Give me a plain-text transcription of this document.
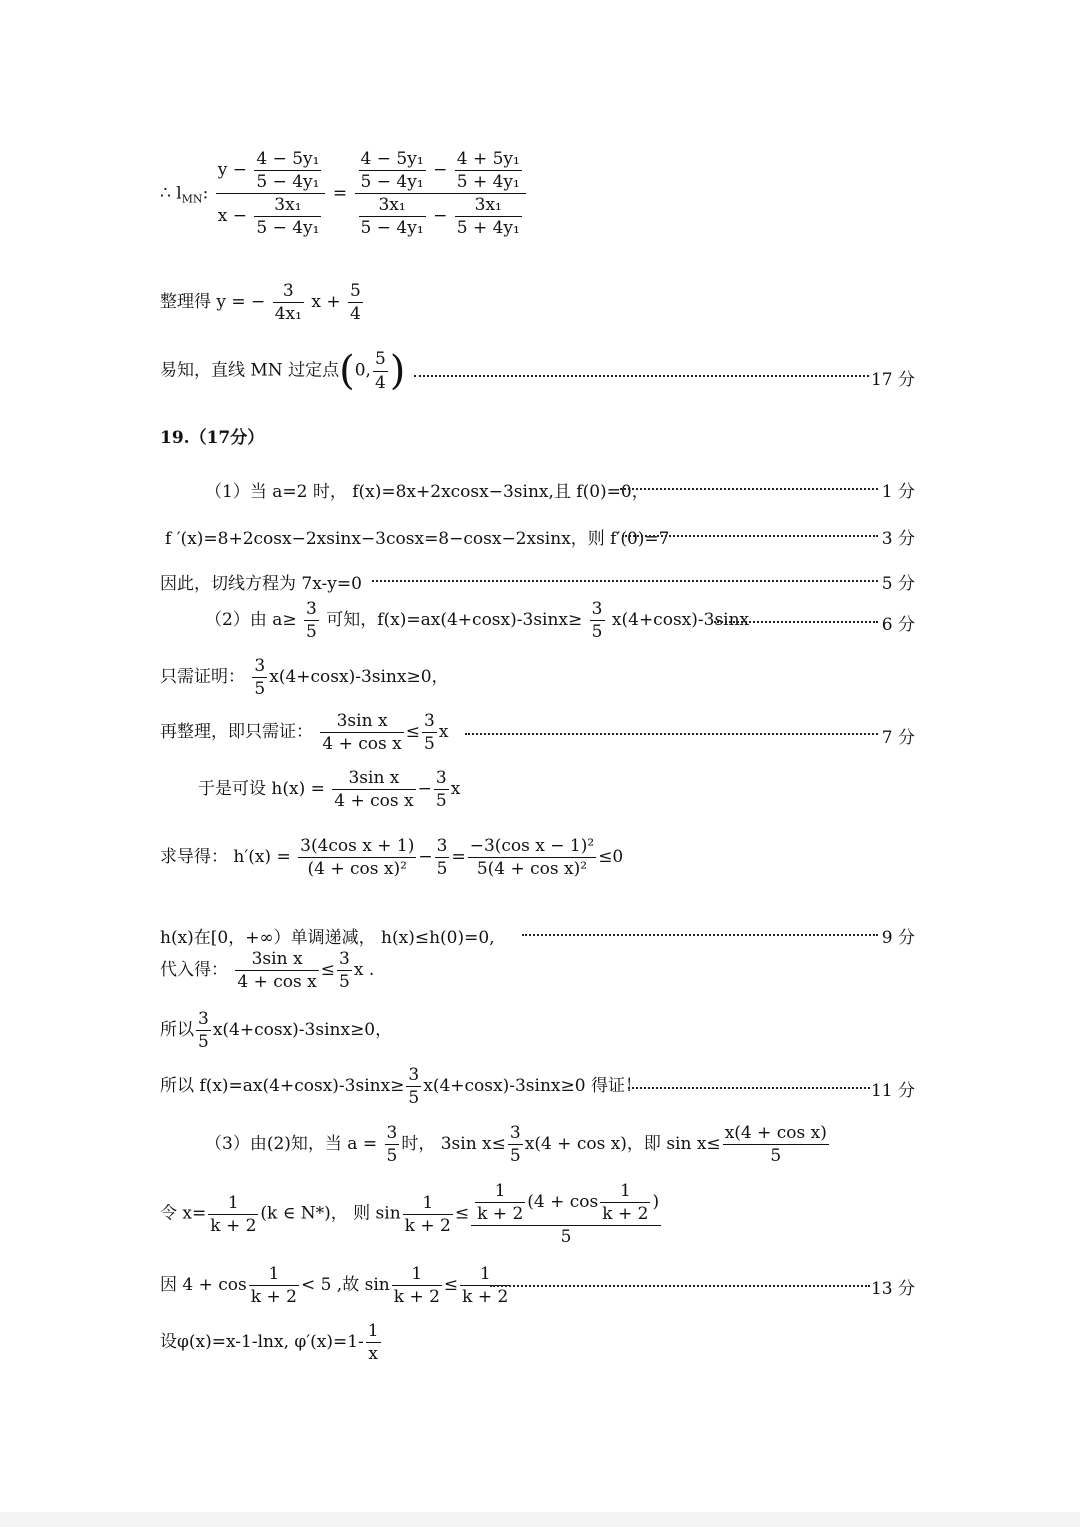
∴ $l_{MN}$: $\frac{y - \frac{\text{4 − 5y₁}}{\text{5 − 4y₁}}}{x - \frac{\text{3x₁}}{\text{5 − 4y₁}}} = \frac{\frac{\text{4 − 5y₁}}{\text{5 − 4y₁}} - \frac{\text{4 + 5y₁}}{\text{5 + 4y₁}}}{\frac{\text{3x₁}}{\text{5 − 4y₁}} - \frac{\text{3x₁}}{\text{5 + 4y₁}}}$
整理得 y = − $\frac{3}{\text{4x₁}}$ $x + \frac{5}{4}$
易知，直线 MN 过定点(0, $\frac{5}{4}$ )	17 分
19.（17分）
（1）当 a=2 时， f(x)=8x+2xcosx−3sinx,且 f(0)=0，	1 分
f ′(x)=8+2cosx−2xsinx−3cosx=8−cosx−2xsinx，则 f′(0)=7	3 分
因此，切线方程为 7x-y=0	5 分
（2）由 $a\ge \frac{3}{5}$ 可知，$f(x)=ax(4+\cos x)-3\sin x\ge \frac{3}{5} x(4+\cos x)-3\sin x$	6 分
只需证明： $\frac{3}{5} x(4+\cos x)-3\sin x\ge 0$，
再整理，即只需证： $\frac{\text{3sin x}}{\text{4 + cos x}} \le \frac{3}{5}$ x	7 分
于是可设 $h(x) = \frac{\text{3sin x}}{\text{4 + cos x}} - \frac{3}{5}$ x
求导得： $h'(x) = \frac{\text{3(4cos x + 1)}}{\text{(4 + cos x)²}} - \frac{3}{5} = \frac{\text{−3(cos x − 1)²}}{\text{5(4 + cos x)²}} \le 0$
h(x)在[0，+∞）单调递减， h(x)≤h(0)=0,	9 分
代入得： $\frac{\text{3sin x}}{\text{4 + cos x}} \le \frac{3}{5}$ x .
所以 $\frac{3}{5} x(4+\cos x)-3\sin x\ge 0$，
所以 $f(x)=ax(4+\cos x)-3\sin x\ge \frac{3}{5} x(4+\cos x)-3\sin x\ge 0$ 得证！	11 分
（3）由(2)知，当 $a = \frac{3}{5}$ 时， 3sin $x\le \frac{3}{5} x(4 + \cos x)$，即 $\sin x\le \frac{\text{x(4 + cos x)}}{5}$
令 $x= \frac{1}{k + 2} (k$ ∈ N*)， 则 $\sin \frac{1}{k + 2} \le \frac{\frac{1}{k + 2} (4 + \cos \frac{1}{k + 2} )}{5}$
因 $4 + \cos \frac{1}{k + 2} < 5$ ,故 $\sin \frac{1}{k + 2} \le \frac{1}{k + 2}$	13 分
设φ(x)=x-1-lnx, $\varphi'(x)=1- \frac{1}{x}$
